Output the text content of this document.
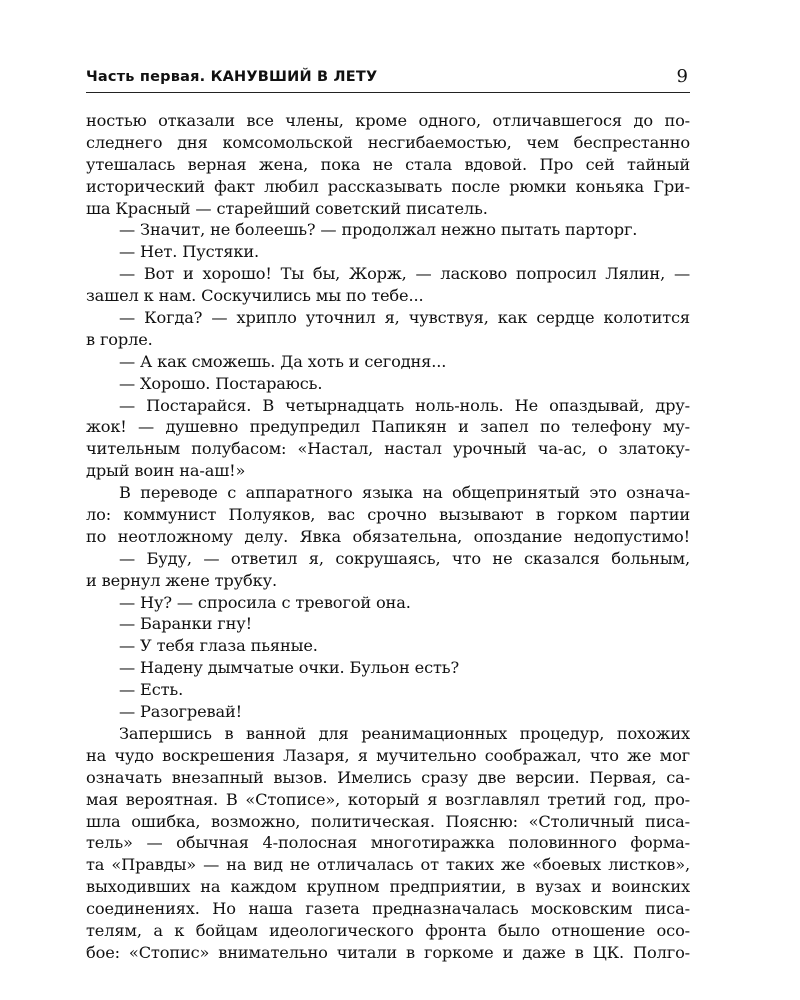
Часть первая. КАНУВШИЙ В ЛЕТУ	9
ностью отказали все члены, кроме одного, отличавшегося до по-
следнего дня комсомольской несгибаемостью, чем беспрестанно
утешалась верная жена, пока не стала вдовой. Про сей тайный
исторический факт любил рассказывать после рюмки коньяка Гри-
ша Красный — старейший советский писатель.
— Значит, не болеешь? — продолжал нежно пытать парторг.
— Нет. Пустяки.
— Вот и хорошо! Ты бы, Жорж, — ласково попросил Лялин, —
зашел к нам. Соскучились мы по тебе...
— Когда? — хрипло уточнил я, чувствуя, как сердце колотится
в горле.
— А как сможешь. Да хоть и сегодня...
— Хорошо. Постараюсь.
— Постарайся. В четырнадцать ноль-ноль. Не опаздывай, дру-
жок! — душевно предупредил Папикян и запел по телефону му-
чительным полубасом: «Настал, настал урочный ча-ас, о златоку-
дрый воин на-аш!»
В переводе с аппаратного языка на общепринятый это означа-
ло: коммунист Полуяков, вас срочно вызывают в горком партии
по неотложному делу. Явка обязательна, опоздание недопустимо!
— Буду, — ответил я, сокрушаясь, что не сказался больным,
и вернул жене трубку.
— Ну? — спросила с тревогой она.
— Баранки гну!
— У тебя глаза пьяные.
— Надену дымчатые очки. Бульон есть?
— Есть.
— Разогревай!
Запершись в ванной для реанимационных процедур, похожих
на чудо воскрешения Лазаря, я мучительно соображал, что же мог
означать внезапный вызов. Имелись сразу две версии. Первая, са-
мая вероятная. В «Стописе», который я возглавлял третий год, про-
шла ошибка, возможно, политическая. Поясню: «Столичный писа-
тель» — обычная 4-полосная многотиражка половинного форма-
та «Правды» — на вид не отличалась от таких же «боевых листков»,
выходивших на каждом крупном предприятии, в вузах и воинских
соединениях. Но наша газета предназначалась московским писа-
телям, а к бойцам идеологического фронта было отношение осо-
бое: «Стопис» внимательно читали в горкоме и даже в ЦК. Полго-
